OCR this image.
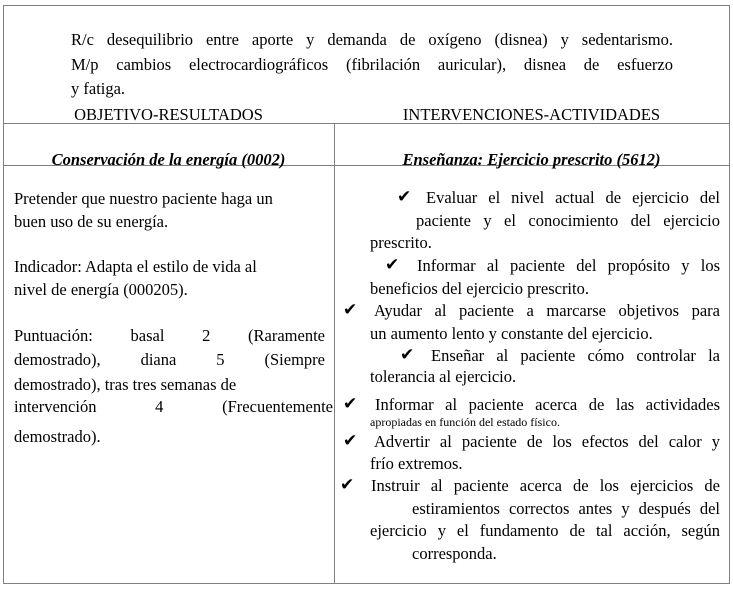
R/c desequilibrio entre aporte y demanda de oxígeno (disnea) y sedentarismo.
M/p cambios electrocardiográficos (fibrilación auricular), disnea de esfuerzo
y fatiga.
OBJETIVO-RESULTADOS	INTERVENCIONES-ACTIVIDADES
Conservación de la energía (0002)	Enseñanza: Ejercicio prescrito (5612)
Pretender que nuestro paciente haga un
buen uso de su energía.
Indicador: Adapta el estilo de vida al
nivel de energía (000205).
Puntuación: basal 2 (Raramente
demostrado), diana 5 (Siempre
demostrado), tras tres semanas de
intervención 4 (Frecuentemente
demostrado).
✔ Evaluar el nivel actual de ejercicio del
paciente y el conocimiento del ejercicio
prescrito.
✔ Informar al paciente del propósito y los
beneficios del ejercicio prescrito.
✔ Ayudar al paciente a marcarse objetivos para
un aumento lento y constante del ejercicio.
✔ Enseñar al paciente cómo controlar la
tolerancia al ejercicio.
✔ Informar al paciente acerca de las actividades
apropiadas en función del estado físico.
✔ Advertir al paciente de los efectos del calor y
frío extremos.
✔ Instruir al paciente acerca de los ejercicios de
estiramientos correctos antes y después del
ejercicio y el fundamento de tal acción, según
corresponda.
